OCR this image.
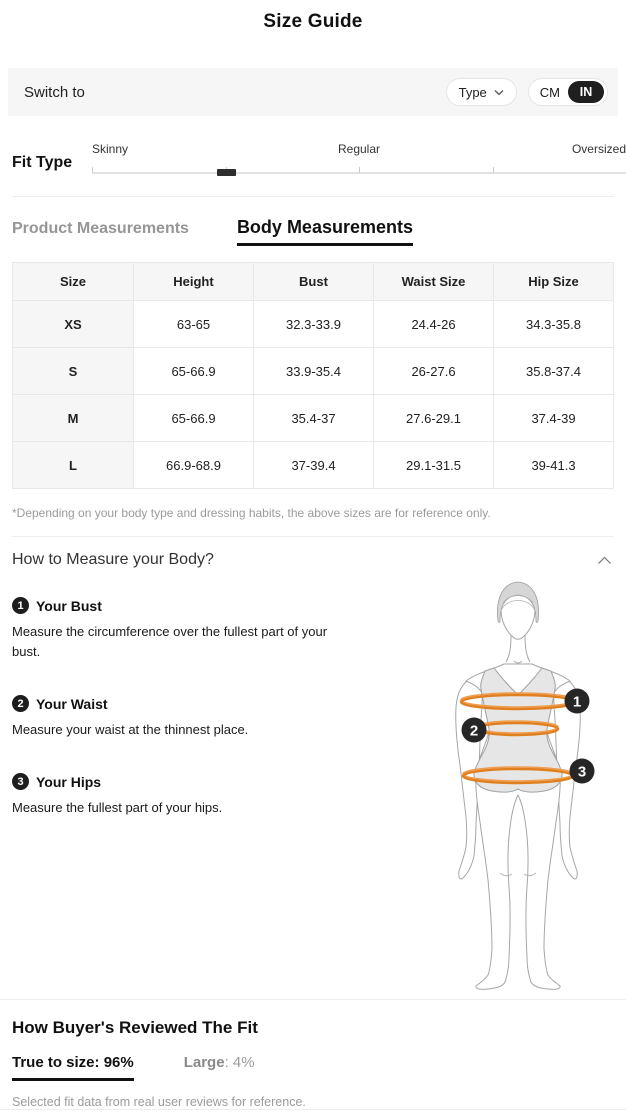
Size Guide
Switch to	Type	CM	IN
Fit Type
Skinny	Regular	Oversized
Product Measurements	Body Measurements
Size	Height	Bust	Waist Size	Hip Size
XS	63-65	32.3-33.9	24.4-26	34.3-35.8
S	65-66.9	33.9-35.4	26-27.6	35.8-37.4
M	65-66.9	35.4-37	27.6-29.1	37.4-39
L	66.9-68.9	37-39.4	29.1-31.5	39-41.3
*Depending on your body type and dressing habits, the above sizes are for reference only.
How to Measure your Body?
1 Your Bust
Measure the circumference over the fullest part of your bust.
2 Your Waist
Measure your waist at the thinnest place.
3 Your Hips
Measure the fullest part of your hips.
1
2
3
How Buyer's Reviewed The Fit
True to size: 96%	Large: 4%
Selected fit data from real user reviews for reference.
